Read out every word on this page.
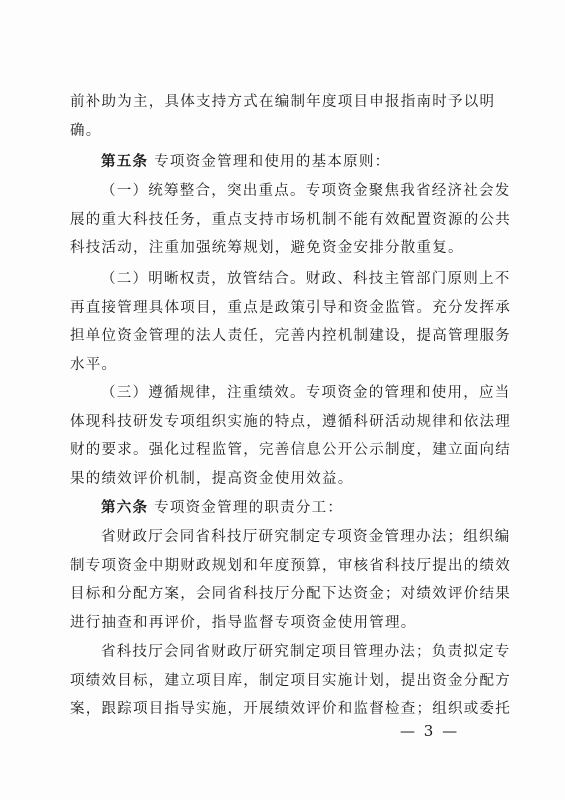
前补助为主，具体支持方式在编制年度项目申报指南时予以明
确。
第五条 专项资金管理和使用的基本原则：
（一）统筹整合，突出重点。专项资金聚焦我省经济社会发
展的重大科技任务，重点支持市场机制不能有效配置资源的公共
科技活动，注重加强统筹规划，避免资金安排分散重复。
（二）明晰权责，放管结合。财政、科技主管部门原则上不
再直接管理具体项目，重点是政策引导和资金监管。充分发挥承
担单位资金管理的法人责任，完善内控机制建设，提高管理服务
水平。
（三）遵循规律，注重绩效。专项资金的管理和使用，应当
体现科技研发专项组织实施的特点，遵循科研活动规律和依法理
财的要求。强化过程监管，完善信息公开公示制度，建立面向结
果的绩效评价机制，提高资金使用效益。
第六条 专项资金管理的职责分工：
省财政厅会同省科技厅研究制定专项资金管理办法；组织编
制专项资金中期财政规划和年度预算，审核省科技厅提出的绩效
目标和分配方案，会同省科技厅分配下达资金；对绩效评价结果
进行抽查和再评价，指导监督专项资金使用管理。
省科技厅会同省财政厅研究制定项目管理办法；负责拟定专
项绩效目标，建立项目库，制定项目实施计划，提出资金分配方
案，跟踪项目指导实施，开展绩效评价和监督检查；组织或委托
— 3 —
